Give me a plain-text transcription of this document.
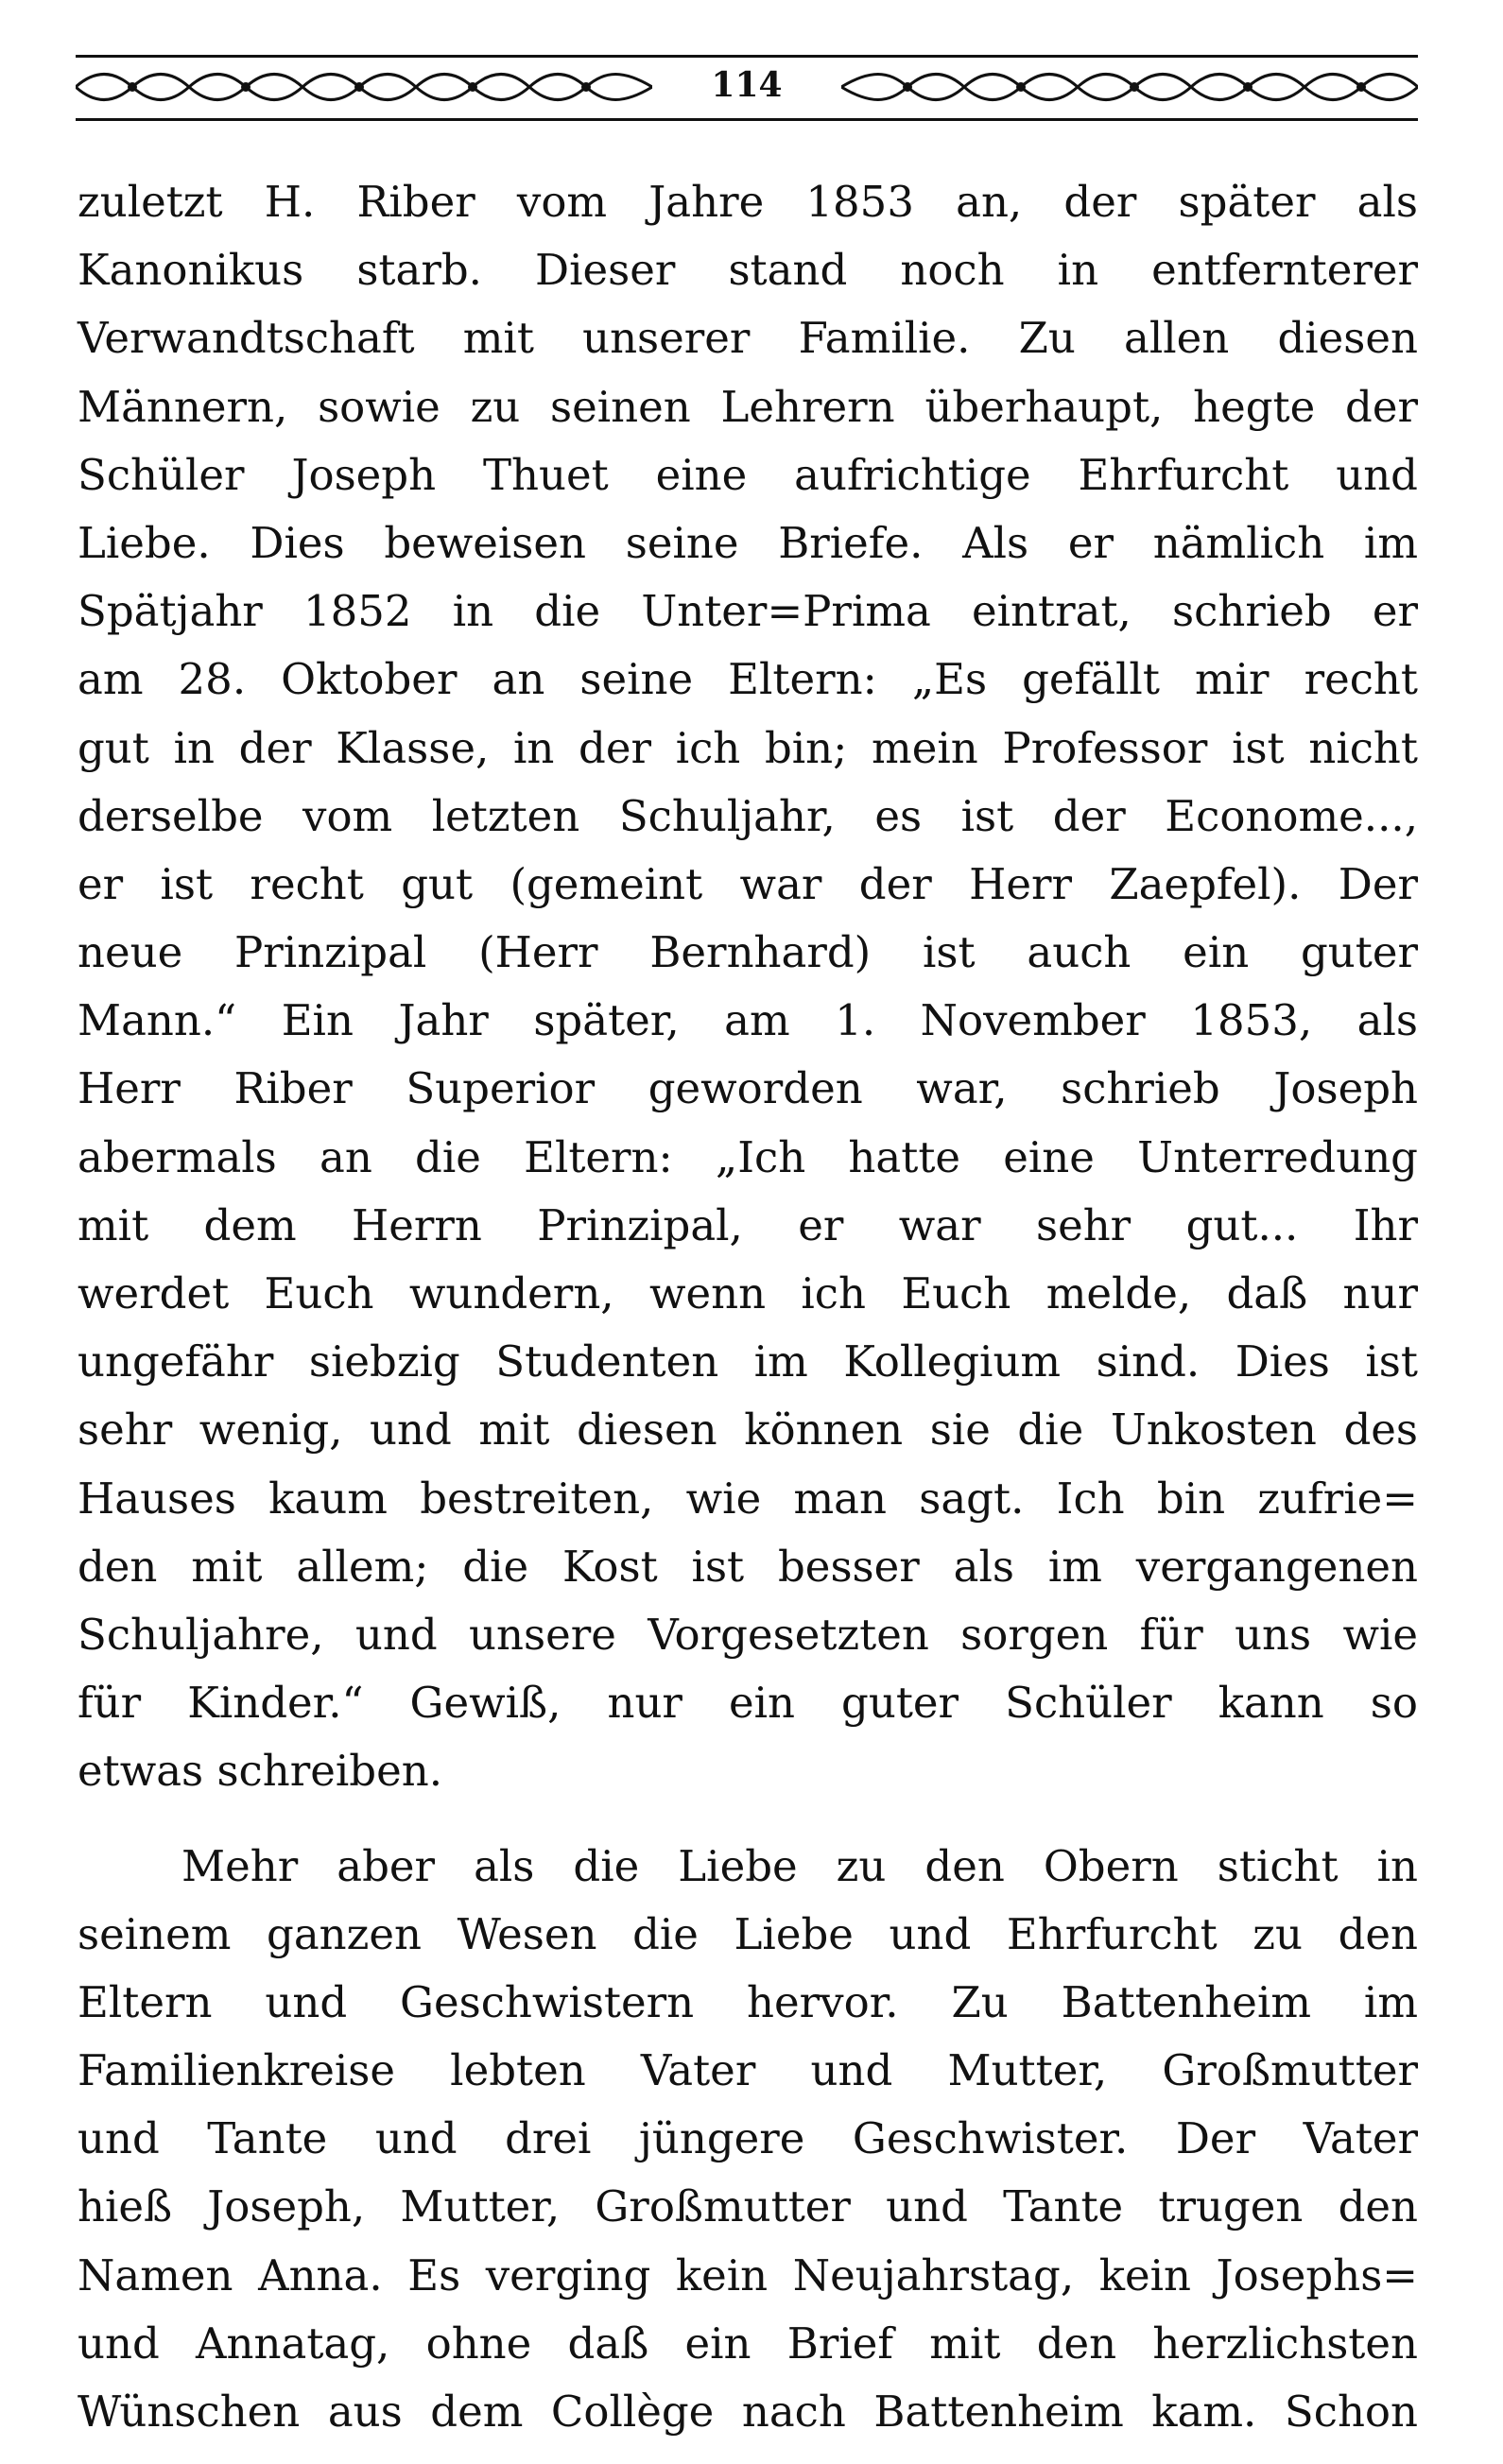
114
zuletzt H. Riber vom Jahre 1853 an, der später als
Kanonikus starb. Dieser stand noch in entfernterer
Verwandtschaft mit unserer Familie. Zu allen diesen
Männern, sowie zu seinen Lehrern überhaupt, hegte der
Schüler Joseph Thuet eine aufrichtige Ehrfurcht und
Liebe. Dies beweisen seine Briefe. Als er nämlich im
Spätjahr 1852 in die Unter=Prima eintrat, schrieb er
am 28. Oktober an seine Eltern: „Es gefällt mir recht
gut in der Klasse, in der ich bin; mein Professor ist nicht
derselbe vom letzten Schuljahr, es ist der Econome...,
er ist recht gut (gemeint war der Herr Zaepfel). Der
neue Prinzipal (Herr Bernhard) ist auch ein guter
Mann.“ Ein Jahr später, am 1. November 1853, als
Herr Riber Superior geworden war, schrieb Joseph
abermals an die Eltern: „Ich hatte eine Unterredung
mit dem Herrn Prinzipal, er war sehr gut... Ihr
werdet Euch wundern, wenn ich Euch melde, daß nur
ungefähr siebzig Studenten im Kollegium sind. Dies ist
sehr wenig, und mit diesen können sie die Unkosten des
Hauses kaum bestreiten, wie man sagt. Ich bin zufrie=
den mit allem; die Kost ist besser als im vergangenen
Schuljahre, und unsere Vorgesetzten sorgen für uns wie
für Kinder.“ Gewiß, nur ein guter Schüler kann so
etwas schreiben.
Mehr aber als die Liebe zu den Obern sticht in
seinem ganzen Wesen die Liebe und Ehrfurcht zu den
Eltern und Geschwistern hervor. Zu Battenheim im
Familienkreise lebten Vater und Mutter, Großmutter
und Tante und drei jüngere Geschwister. Der Vater
hieß Joseph, Mutter, Großmutter und Tante trugen den
Namen Anna. Es verging kein Neujahrstag, kein Josephs=
und Annatag, ohne daß ein Brief mit den herzlichsten
Wünschen aus dem Collège nach Battenheim kam. Schon
